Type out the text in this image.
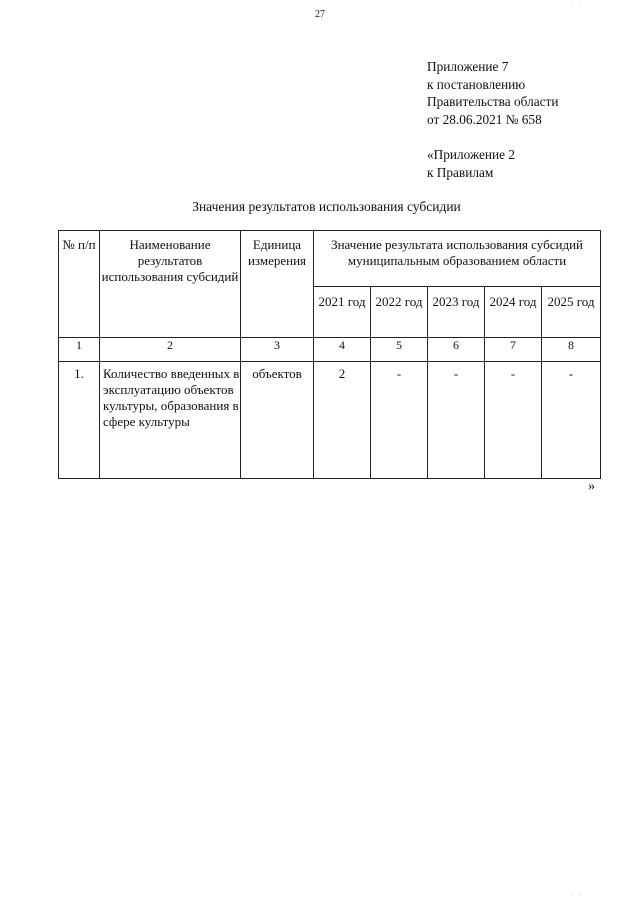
, ,
27
Приложение 7
к постановлению
Правительства области
от 28.06.2021 № 658
«Приложение 2
к Правилам
Значения результатов использования субсидии
№ п/п	Наименование результатов использования субсидий	Единица измерения	Значение результата использования субсидий муниципальным образованием области				
			2021 год	2022 год	2023 год	2024 год	2025 год
1	2	3	4	5	6	7	8
1.	Количество введенных в эксплуатацию объектов культуры, образования в сфере культуры	объектов	2	-	-	-	-
»
, ,
